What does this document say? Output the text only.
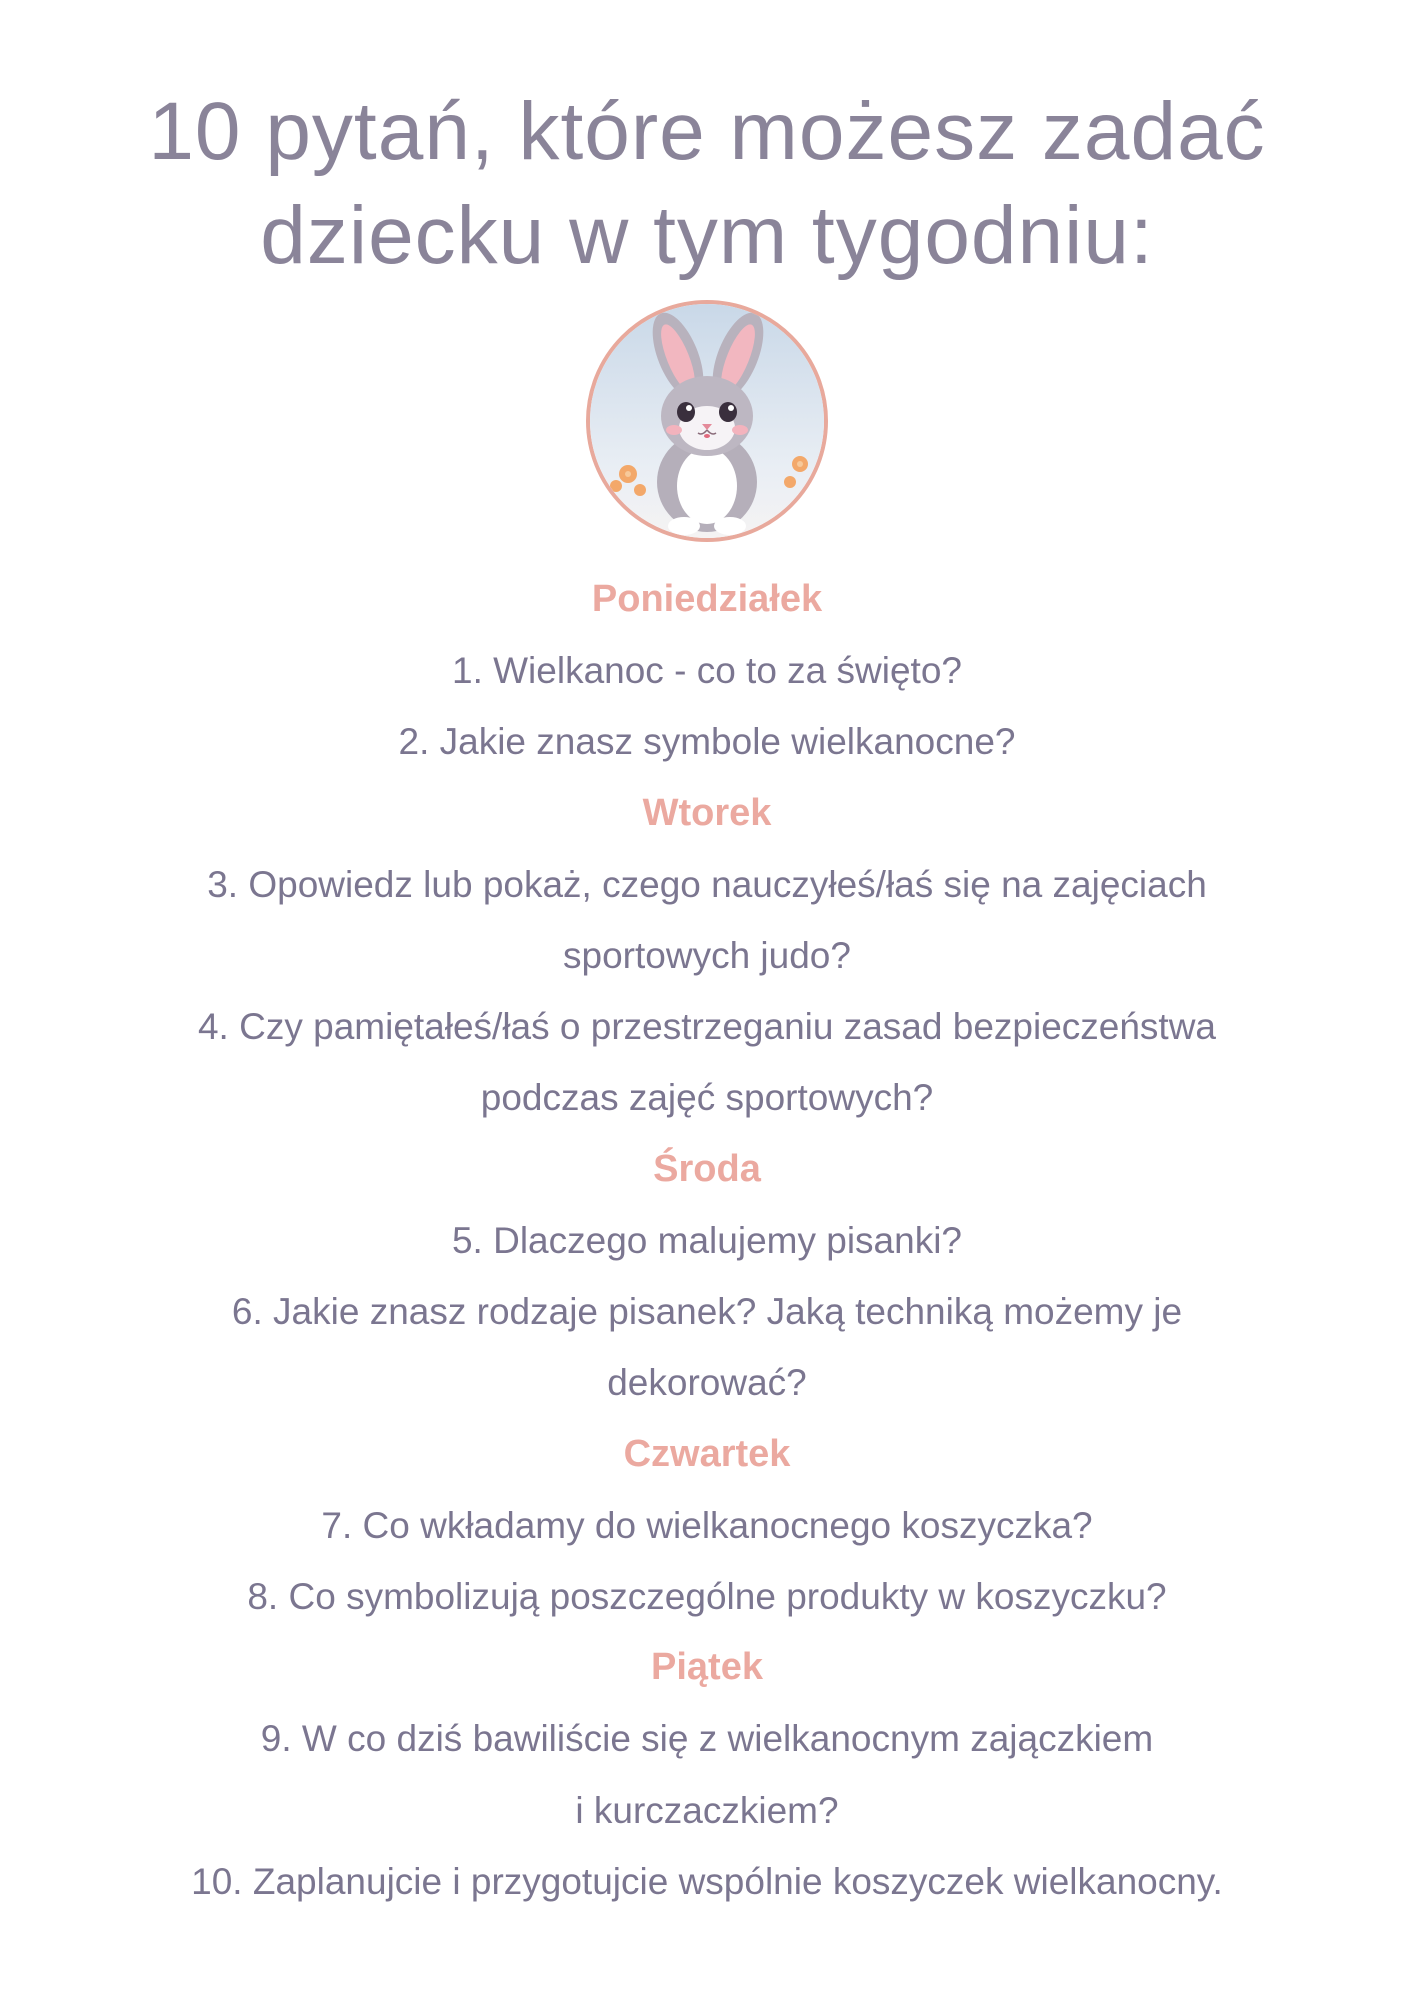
10 pytań, które możesz zadać
dziecku w tym tygodniu:

Poniedziałek

1. Wielkanoc - co to za święto?

2. Jakie znasz symbole wielkanocne?

Wtorek

3. Opowiedz lub pokaż, czego nauczyłeś/łaś się na zajęciach

sportowych judo?

4. Czy pamiętałeś/łaś o przestrzeganiu zasad bezpieczeństwa

podczas zajęć sportowych?

Środa

5. Dlaczego malujemy pisanki?

6. Jakie znasz rodzaje pisanek? Jaką techniką możemy je

dekorować?

Czwartek

7. Co wkładamy do wielkanocnego koszyczka?

8. Co symbolizują poszczególne produkty w koszyczku?

Piątek

9. W co dziś bawiliście się z wielkanocnym zajączkiem

i kurczaczkiem?

10. Zaplanujcie i przygotujcie wspólnie koszyczek wielkanocny.
